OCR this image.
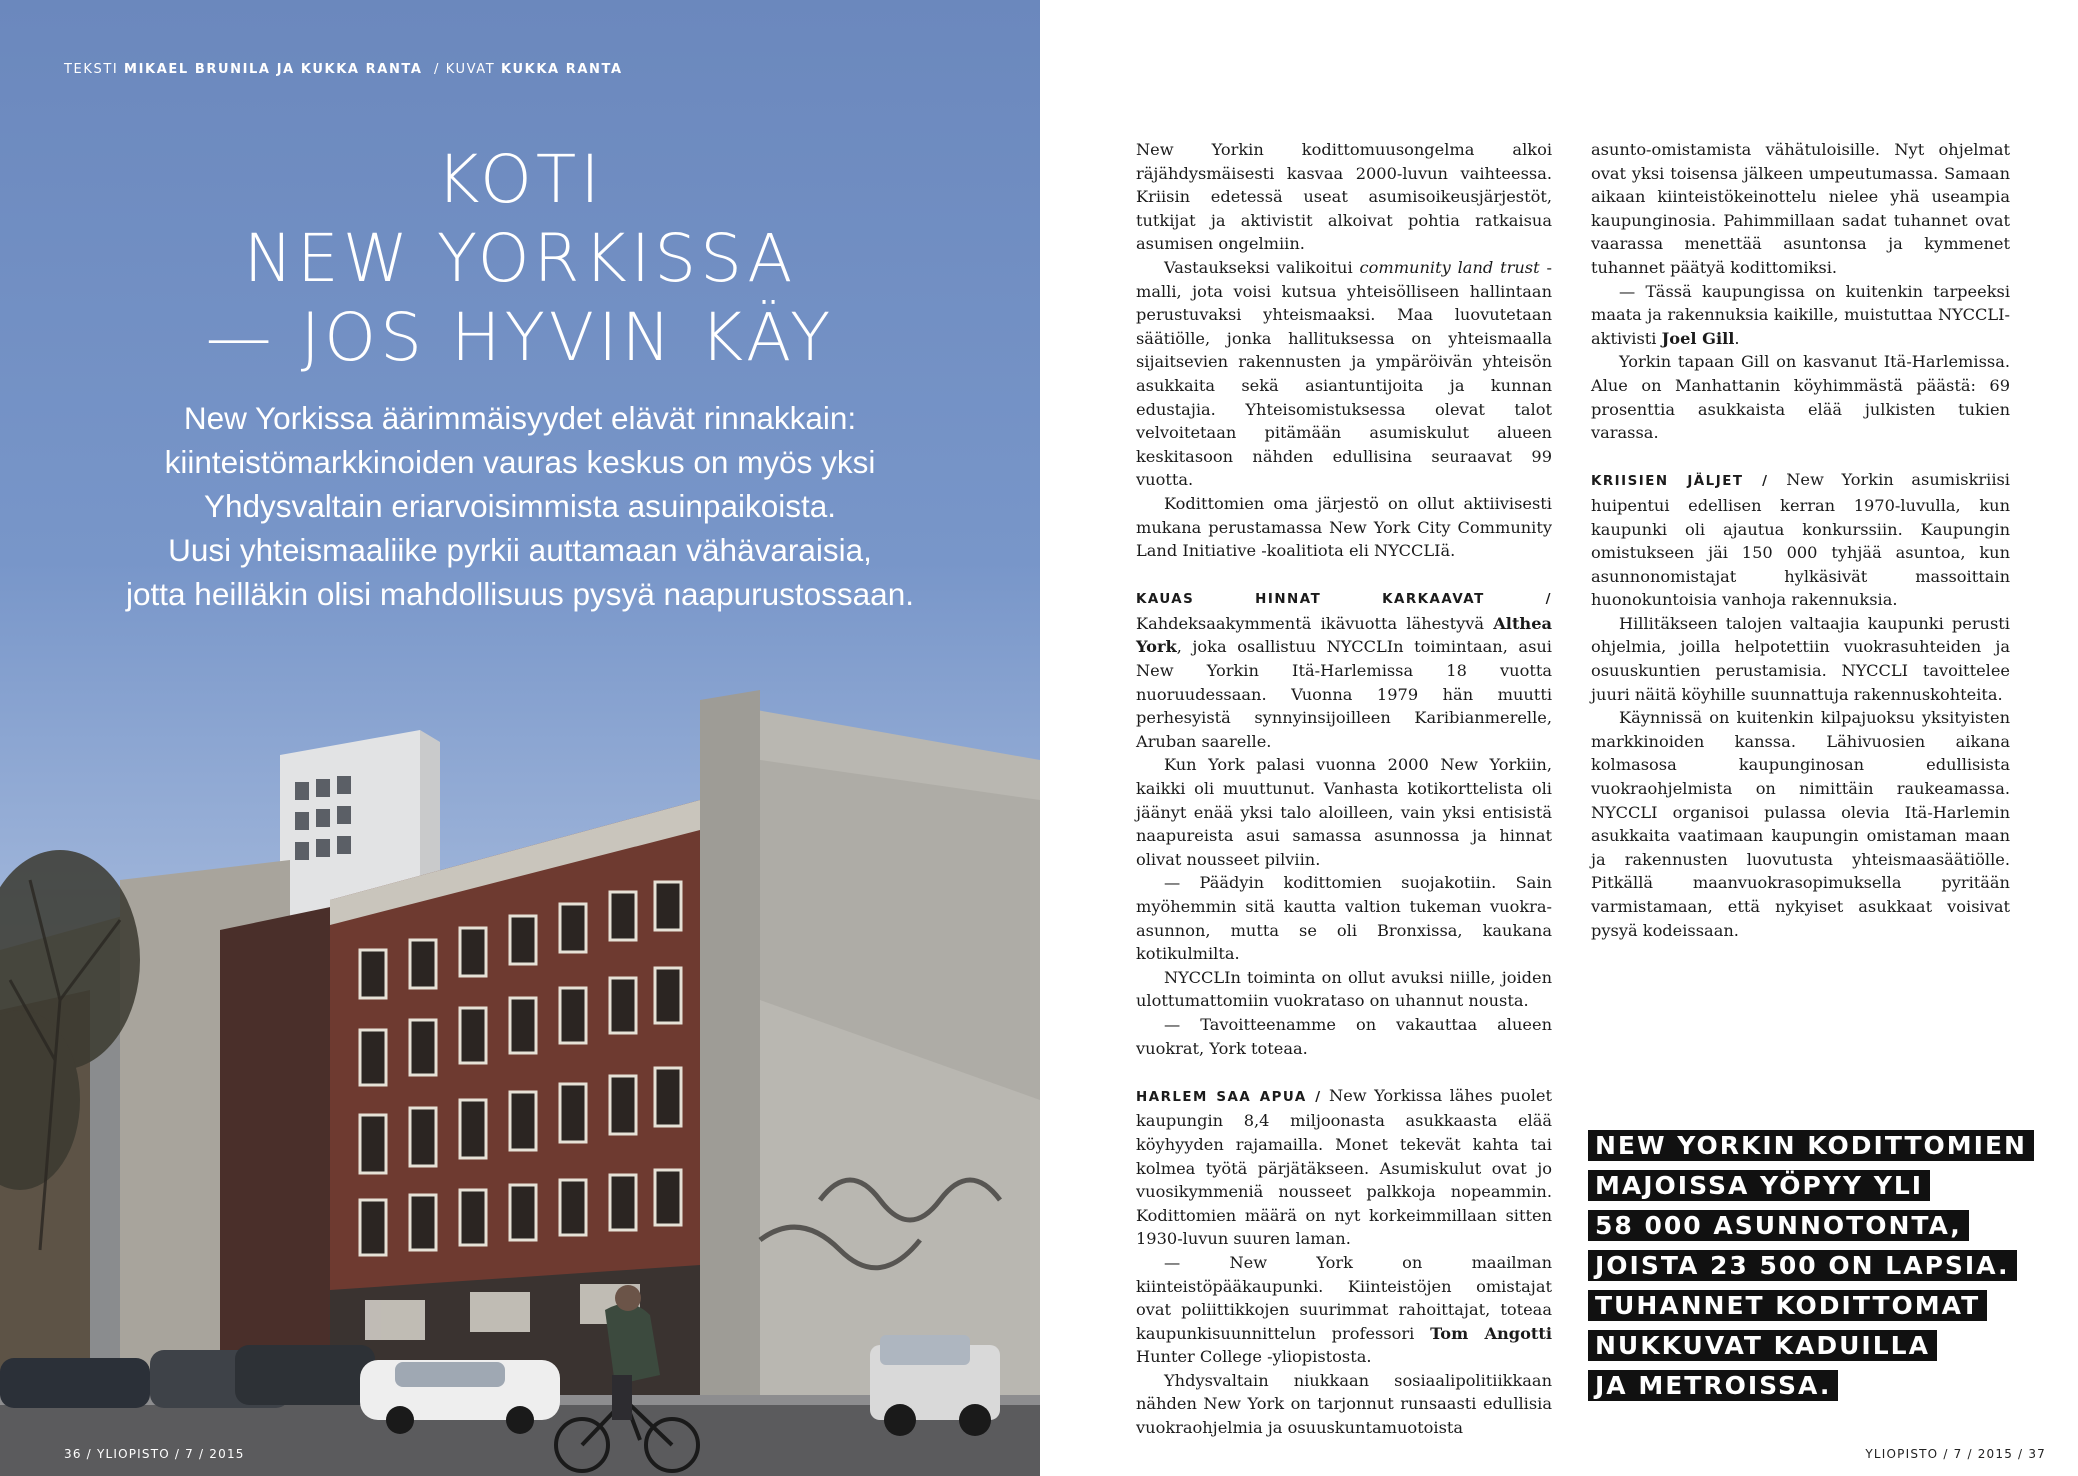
TEKSTI MIKAEL BRUNILA JA KUKKA RANTA / KUVAT KUKKA RANTA
KOTI
NEW YORKISSA
— JOS HYVIN KÄY
New Yorkissa äärimmäisyydet elävät rinnakkain:
kiinteistömarkkinoiden vauras keskus on myös yksi
Yhdysvaltain eriarvoisimmista asuinpaikoista.
Uusi yhteismaaliike pyrkii auttamaan vähävaraisia,
jotta heilläkin olisi mahdollisuus pysyä naapurustossaan.
36 / YLIOPISTO / 7 / 2015

New Yorkin kodittomuusongelma alkoi räjähdysmäisesti kasvaa 2000-luvun vaihteessa. Kriisin edetessä useat asumisoikeusjärjestöt, tutkijat ja aktivistit alkoivat pohtia ratkaisua asumisen ongelmiin.

Vastaukseksi valikoitui community land trust -malli, jota voisi kutsua yhteisölliseen hallintaan perustuvaksi yhteismaaksi. Maa luovutetaan säätiölle, jonka hallituksessa on yhteismaalla sijaitsevien rakennusten ja ympäröivän yhteisön asukkaita sekä asiantuntijoita ja kunnan edustajia. Yhteisomistuksessa olevat talot velvoitetaan pitämään asumiskulut alueen keskitasoon nähden edullisina seuraavat 99 vuotta.

Kodittomien oma järjestö on ollut aktiivisesti mukana perustamassa New York City Community Land Initiative -koalitiota eli NYCCLIä.

KAUAS HINNAT KARKAAVAT / Kahdeksaakymmentä ikävuotta lähestyvä Althea York, joka osallistuu NYCCLIn toimintaan, asui New Yorkin Itä-Harlemissa 18 vuotta nuoruudessaan. Vuonna 1979 hän muutti perhesyistä synnyinsijoilleen Karibianmerelle, Aruban saarelle.

Kun York palasi vuonna 2000 New Yorkiin, kaikki oli muuttunut. Vanhasta kotikorttelista oli jäänyt enää yksi talo aloilleen, vain yksi entisistä naapureista asui samassa asunnossa ja hinnat olivat nousseet pilviin.

— Päädyin kodittomien suojakotiin. Sain myöhemmin sitä kautta valtion tukeman vuokra-asunnon, mutta se oli Bronxissa, kaukana kotikulmilta.

NYCCLIn toiminta on ollut avuksi niille, joiden ulottumattomiin vuokrataso on uhannut nousta.

— Tavoitteenamme on vakauttaa alueen vuokrat, York toteaa.

HARLEM SAA APUA / New Yorkissa lähes puolet kaupungin 8,4 miljoonasta asukkaasta elää köyhyyden rajamailla. Monet tekevät kahta tai kolmea työtä pärjätäkseen. Asumiskulut ovat jo vuosikymmeniä nousseet palkkoja nopeammin. Kodittomien määrä on nyt korkeimmillaan sitten 1930-luvun suuren laman.

— New York on maailman kiinteistöpääkaupunki. Kiinteistöjen omistajat ovat poliittikkojen suurimmat rahoittajat, toteaa kaupunkisuunnittelun professori Tom Angotti Hunter College -yliopistosta.

Yhdysvaltain niukkaan sosiaalipolitiikkaan nähden New York on tarjonnut runsaasti edullisia vuokraohjelmia ja osuuskuntamuotoista

asunto-omistamista vähätuloisille. Nyt ohjelmat ovat yksi toisensa jälkeen umpeutumassa. Samaan aikaan kiinteistökeinottelu nielee yhä useampia kaupunginosia. Pahimmillaan sadat tuhannet ovat vaarassa menettää asuntonsa ja kymmenet tuhannet päätyä kodittomiksi.

— Tässä kaupungissa on kuitenkin tarpeeksi maata ja rakennuksia kaikille, muistuttaa NYCCLI-aktivisti Joel Gill.

Yorkin tapaan Gill on kasvanut Itä-Harlemissa. Alue on Manhattanin köyhimmästä päästä: 69 prosenttia asukkaista elää julkisten tukien varassa.

KRIISIEN JÄLJET / New Yorkin asumiskriisi huipentui edellisen kerran 1970-luvulla, kun kaupunki oli ajautua konkurssiin. Kaupungin omistukseen jäi 150 000 tyhjää asuntoa, kun asunnonomistajat hylkäsivät massoittain huonokuntoisia vanhoja rakennuksia.

Hillitäkseen talojen valtaajia kaupunki perusti ohjelmia, joilla helpotettiin vuokrasuhteiden ja osuuskuntien perustamisia. NYCCLI tavoittelee juuri näitä köyhille suunnattuja rakennuskohteita.

Käynnissä on kuitenkin kilpajuoksu yksityisten markkinoiden kanssa. Lähivuosien aikana kolmasosa kaupunginosan edullisista vuokraohjelmista on nimittäin raukeamassa. NYCCLI organisoi pulassa olevia Itä-Harlemin asukkaita vaatimaan kaupungin omistaman maan ja rakennusten luovutusta yhteismaasäätiölle. Pitkällä maanvuokrasopimuksella pyritään varmistamaan, että nykyiset asukkaat voisivat pysyä kodeissaan.

NEW YORKIN KODITTOMIEN
MAJOISSA YÖPYY YLI
58 000 ASUNNOTONTA,
JOISTA 23 500 ON LAPSIA.
TUHANNET KODITTOMAT
NUKKUVAT KADUILLA
JA METROISSA.
YLIOPISTO / 7 / 2015 / 37
